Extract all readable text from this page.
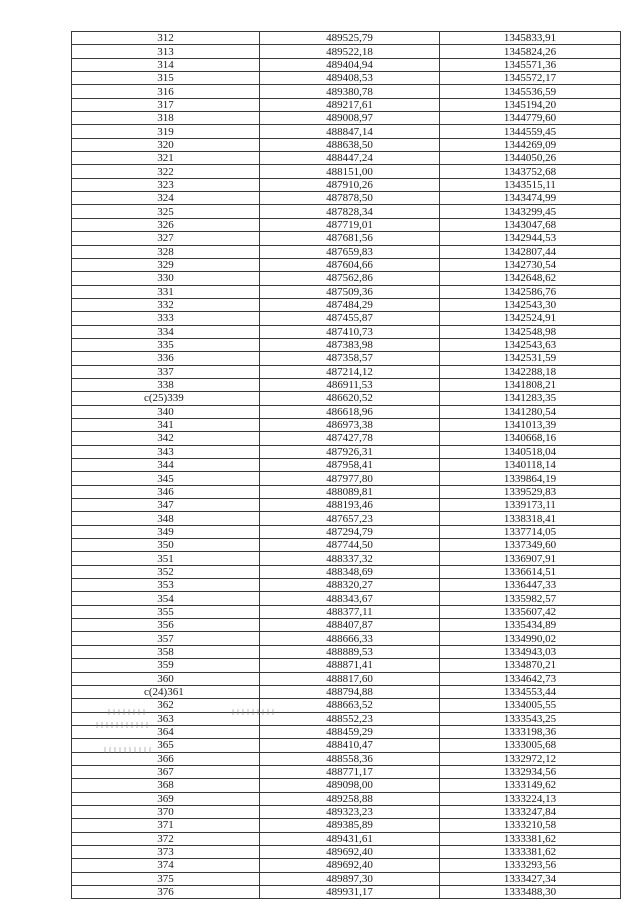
312	489525,79	1345833,91
313	489522,18	1345824,26
314	489404,94	1345571,36
315	489408,53	1345572,17
316	489380,78	1345536,59
317	489217,61	1345194,20
318	489008,97	1344779,60
319	488847,14	1344559,45
320	488638,50	1344269,09
321	488447,24	1344050,26
322	488151,00	1343752,68
323	487910,26	1343515,11
324	487878,50	1343474,99
325	487828,34	1343299,45
326	487719,01	1343047,68
327	487681,56	1342944,53
328	487659,83	1342807,44
329	487604,66	1342730,54
330	487562,86	1342648,62
331	487509,36	1342586,76
332	487484,29	1342543,30
333	487455,87	1342524,91
334	487410,73	1342548,98
335	487383,98	1342543,63
336	487358,57	1342531,59
337	487214,12	1342288,18
338	486911,53	1341808,21
c(25)339	486620,52	1341283,35
340	486618,96	1341280,54
341	486973,38	1341013,39
342	487427,78	1340668,16
343	487926,31	1340518,04
344	487958,41	1340118,14
345	487977,80	1339864,19
346	488089,81	1339529,83
347	488193,46	1339173,11
348	487657,23	1338318,41
349	487294,79	1337714,05
350	487744,50	1337349,60
351	488337,32	1336907,91
352	488348,69	1336614,51
353	488320,27	1336447,33
354	488343,67	1335982,57
355	488377,11	1335607,42
356	488407,87	1335434,89
357	488666,33	1334990,02
358	488889,53	1334943,03
359	488871,41	1334870,21
360	488817,60	1334642,73
c(24)361	488794,88	1334553,44
362	488663,52	1334005,55
363	488552,23	1333543,25
364	488459,29	1333198,36
365	488410,47	1333005,68
366	488558,36	1332972,12
367	488771,17	1332934,56
368	489098,00	1333149,62
369	489258,88	1333224,13
370	489323,23	1333247,84
371	489385,89	1333210,58
372	489431,61	1333381,62
373	489692,40	1333381,62
374	489692,40	1333293,56
375	489897,30	1333427,34
376	489931,17	1333488,30
